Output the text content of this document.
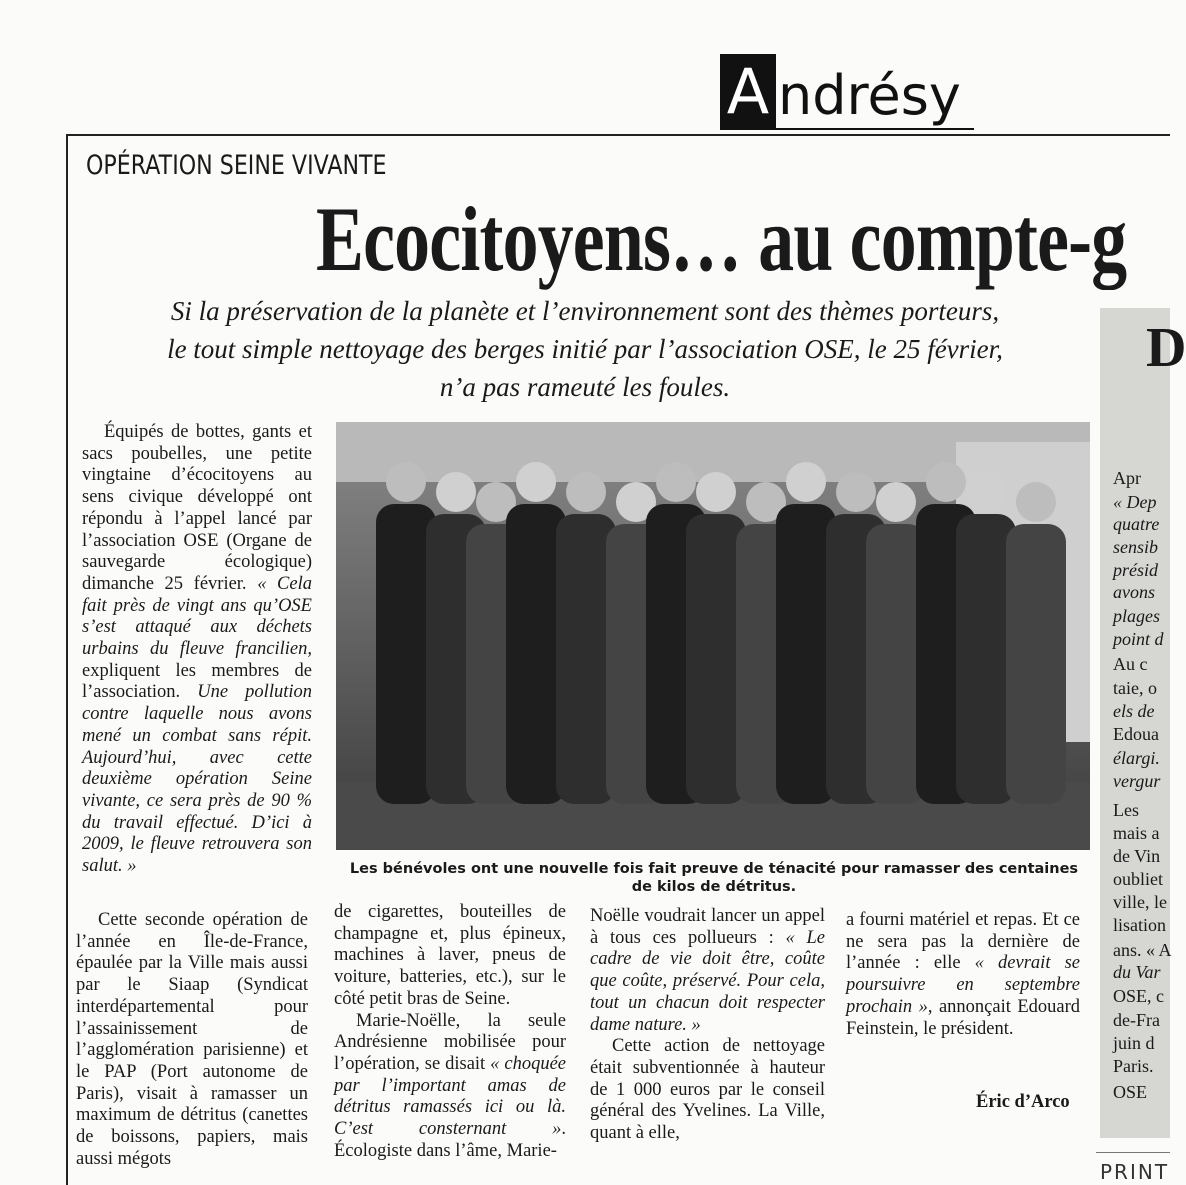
A ndrésy
OPÉRATION SEINE VIVANTE
Ecocitoyens… au compte-g
Si la préservation de la planète et l’environnement sont des thèmes porteurs,
le tout simple nettoyage des berges initié par l’association OSE, le 25 février,
n’a pas rameuté les foules.
D
Apr
« Dep
quatre
sensib
présid
avons
plages
point d
Au c
taie, o
els de
Edoua
élargi.
vergur
Les
mais a
de Vin
oubliet
ville, le
lisation
ans. « A
du Var
OSE, c
de-Fra
juin d
Paris.
OSE
PRINT

Équipés de bottes, gants et sacs poubelles, une petite vingtaine d’écocitoyens au sens civique développé ont répondu à l’appel lancé par l’association OSE (Organe de sauvegarde écologique) dimanche 25 février. « Cela fait près de vingt ans qu’OSE s’est attaqué aux déchets urbains du fleuve francilien, expliquent les membres de l’association. Une pollution contre laquelle nous avons mené un combat sans répit. Aujourd’hui, avec cette deuxième opération Seine vivante, ce sera près de 90 % du travail effectué. D’ici à 2009, le fleuve retrouvera son salut. »

Cette seconde opération de l’année en Île-de-France, épaulée par la Ville mais aussi par le Siaap (Syndicat interdépartemental pour l’assainissement de l’agglomération parisienne) et le PAP (Port autonome de Paris), visait à ramasser un maximum de détritus (canettes de boissons, papiers, mais aussi mégots

Les bénévoles ont une nouvelle fois fait preuve de ténacité pour ramasser des centaines
de kilos de détritus.

de cigarettes, bouteilles de champagne et, plus épineux, machines à laver, pneus de voiture, batteries, etc.), sur le côté petit bras de Seine.

Marie-Noëlle, la seule Andrésienne mobilisée pour l’opération, se disait « choquée par l’important amas de détritus ramassés ici ou là. C’est consternant ». Écologiste dans l’âme, Marie-

Noëlle voudrait lancer un appel à tous ces pollueurs : « Le cadre de vie doit être, coûte que coûte, préservé. Pour cela, tout un chacun doit respecter dame nature. »

Cette action de nettoyage était subventionnée à hauteur de 1 000 euros par le conseil général des Yvelines. La Ville, quant à elle,

a fourni matériel et repas. Et ce ne sera pas la dernière de l’année : elle « devrait se poursuivre en septembre prochain », annonçait Edouard Feinstein, le président.

Éric d’Arco
